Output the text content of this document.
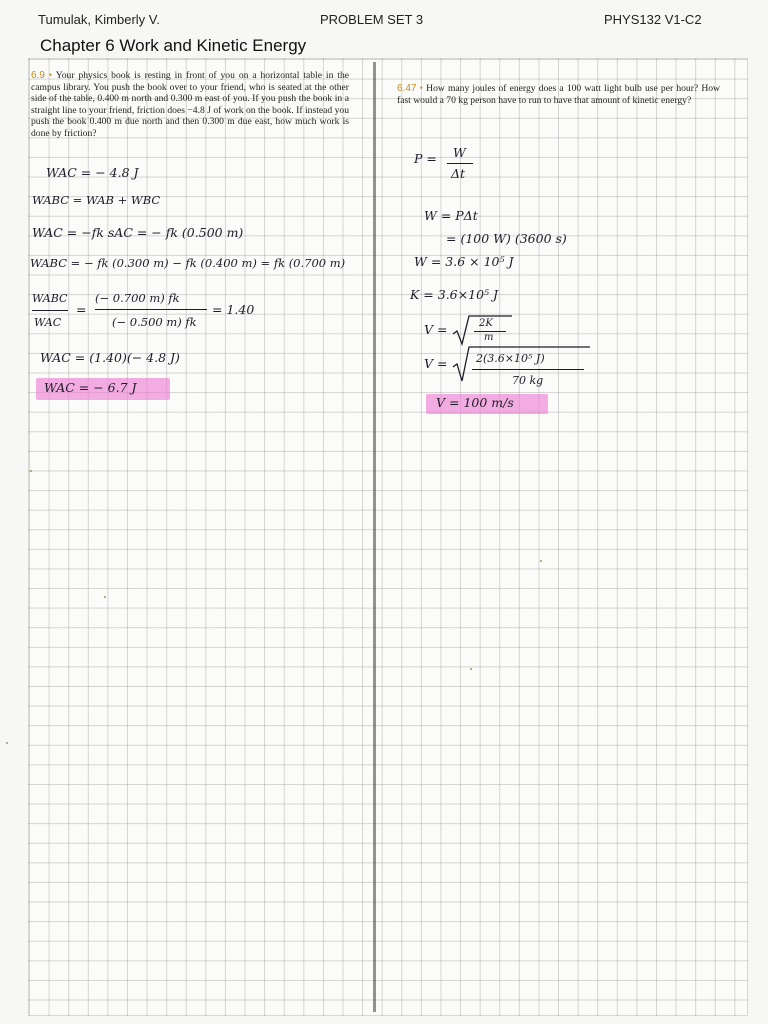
Tumulak, Kimberly V.	PROBLEM SET 3	PHYS132 V1-C2
Chapter 6 Work and Kinetic Energy
6.9 • Your physics book is resting in front of you on a horizontal table in the campus library. You push the book over to your friend, who is seated at the other side of the table, 0.400 m north and 0.300 m east of you. If you push the book in a straight line to your friend, friction does −4.8 J of work on the book. If instead you push the book 0.400 m due north and then 0.300 m due east, how much work is done by friction?
WAC = − 4.8 J
WABC = WAB + WBC
WAC = −fk sAC = − fk (0.500 m)
WABC = − fk (0.300 m) − fk (0.400 m) = fk (0.700 m)
WABC
WAC
=
(− 0.700 m) fk
(− 0.500 m) fk
= 1.40
WAC = (1.40)(− 4.8 J)
WAC = − 6.7 J
6.47 • How many joules of energy does a 100 watt light bulb use per hour? How fast would a 70 kg person have to run to have that amount of kinetic energy?
P = W
Δt
W = PΔt
= (100 W) (3600 s)
W = 3.6 × 10⁵ J
K = 3.6×10⁵ J
V =	2K
m
V =	2(3.6×10⁵ J)
70 kg
V = 100 m/s
